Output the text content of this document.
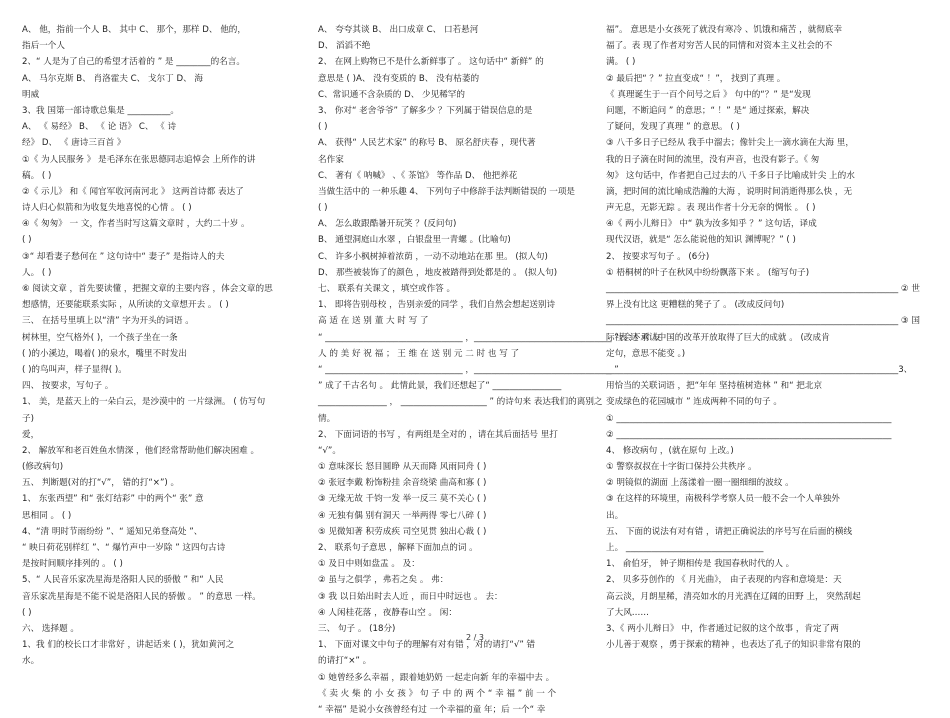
A、 他，指前一个人 B、 其中 C、 那个，那样 D、 他的，
指后一个人
2、“ 人是为了自己的希望才活着的 ” 是 ________的名言。
A、 马尔克斯 B、 肖洛霍夫 C、 戈尔丁 D、 海
明威
3、我 国第一部诗歌总集是 __________。
A、 《 易经》 B、 《 论 语》 C、 《 诗
经》 D、 《 唐诗三百首 》
①《 为人民服务 》 是毛泽东在张思德同志追悼会 上所作的讲
稿。 ( )
②《 示儿》 和《 闻官军收河南河北 》 这两首诗都 表达了
诗人归心似箭和为收复失地喜悦的心情 。 ( )
④《 匆匆》 一 文，作者当时写这篇文章时 ，大约二十岁 。
( )
③“ 却看妻子愁何在 ” 这句诗中“ 妻子” 是指诗人的夫
人。 ( )
⑥ 阅读文章 ，首先要读懂 ，把握文章的主要内容 ，体会文章的思
想感情，还要能联系实际 ，从所读的文章想开去 。 ( )
三、 在括号里填上以“清” 字为开头的词语 。
树林里，空气格外( )，一个孩子坐在一条
( )的小溪边，喝着( )的泉水，嘴里不时发出
( )的鸟叫声，样子显得( )。
四、 按要求，写句子 。
1、 美，是蓝天上的一朵白云，是沙漠中的 一片绿洲。 ( 仿写句
子)
爱，
2、 解放军和老百姓鱼水情深 ，他们经常帮助他们解决困难 。
(修改病句)
五、 判断题(对的打“√”， 错的打“×”) 。
1、 东张西望” 和“ 张灯结彩” 中的两个“ 张” 意
思相同 。 ( )
4、“清 明时节雨纷纷 ”、“ 遥知兄弟登高处 ”、
“ 映日荷花别样红 ”、“ 爆竹声中一岁除 ” 这四句古诗
是按时间顺序排列的 。 ( )
5、“ 人民音乐家冼星海是洛阳人民的骄傲 ” 和“ 人民
音乐家冼星海是不能不说是洛阳人民的骄傲 。 ” 的意思 一样。
( )
六、 选择题 。
1、我 们的校长口才非常好 ，讲起话来 ( )，犹如黄河之
水。
A、 夸夸其谈 B、 出口成章 C、 口若悬河
D、 滔滔不绝
2、 在网上购物已不是什么新鲜事了 。 这句话中“ 新鲜” 的
意思是 ( )A、 没有变质的 B、 没有枯萎的
C、常识通不含杂质的 D、 少见稀罕的
3、 你对“ 老舍爷爷” 了解多少 ？下列属于错误信息的是
( )
A、 获得“ 人民艺术家” 的称号 B、 原名舒庆春 ，现代著
名作家
C、 著有《 呐喊》 、《 茶馆》 等作品 D、 他把养花
当做生活中的 一种乐趣 4、 下列句子中修辞手法判断错误的 一项是
( )
A、 怎么敢跟酷暑开玩笑 ？(反问句)
B、 通望洞庭山水翠 ，白银盘里一青螺 。(比喻句)
C、 许多小枫树掉着浓荫 ，一动不动地站在那 里。 (拟人句)
D、 那些被装饰了的颜色 ，地皮被踏得到处都是的 。 (拟人句)
七、 联系有关课文 ，填空或作答 。
1、 即将告别母校 ，告别亲爱的同学 ，我们自然会想起送别诗
高 适 在 送 别 董 大 时 写 了
“ ________________________________ ，________________________________ ”表 达 对 友
人 的 美 好 祝 福 ； 王 维 在 送 别 元 二 时 也 写 了
“ ________________________________ ，________________________________ ”
” 成了千古名句 。 此情此景，我们还想起了“ ________________
________________ ， ____________________ ” 的诗句来 表达我们的离别之
情。
2、 下面词语的书写 ，有两组是全对的 ，请在其后面括号 里打
“√”。
① 意味深长 怒目圆睁 从天而降 风雨同舟 ( )
② 张冠李戴 粉饰粉挂 余音绕梁 曲高和寡 ( )
③ 无缘无故 千钧一发 举一反三 莫不关心 ( )
④ 无独有偶 别有洞天 一举两得 零七八碎 ( )
⑤ 见微知著 积劳成疾 司空见贯 独出心裁 ( )
2、 联系句子意思 ，解释下面加点的词 。
① 及日中则如盘盂 。 及：
② 虽与之俱学 ，弗若之矣 。 弗：
③ 我 以日始出时去人近 ，而日中时远也 。 去：
④ 人闲桂花落 ，夜静春山空 。 闲：
三、 句子 。 (18分)
1、 下面对课文中句子的理解有对有错 ，对的请打“√” 错
的请打“×” 。
① 她曾经多么幸福 ，跟着她奶奶 一起走向新 年的幸福中去 。
《 卖 火 柴 的 小 女 孩 》 句 子 中 的 两 个 “ 幸 福 ” 前 一 个
“ 幸福” 是说小女孩曾经有过 一个幸福的童 年；后 一个“ 幸
福”。 意思是小女孩死了就没有寒冷 、饥饿和痛苦 ，就彻底幸
福了。表 现了作者对穷苦人民的同情和对资本主义社会的不
满。 ( )
② 最后把“ ？” 拉直变成“ ！”， 找到了真理 。
《 真理诞生于一百个问号之后 》 句中的“？” 是“发现
问题，不断追问 ” 的意思；“ ！” 是“ 通过探索，解决
了疑问，发现了真理 ” 的意思。 ( )
③ 八千多日子已经从 我手中溜去；像针尖上一滴水滴在大海 里，
我的日子滴在时间的流里，没有声音，也没有影子。《 匆
匆》 这句话中，作者把自己过去的八 千多日子比喻成针尖 上的水
滴，把时间的流比喻成浩瀚的大海 ，说明时间消逝得那么快 ，无
声无息，无影无踪 。表 现出作者十分无奈的惆怅 。 ( )
④《 两小儿辩日》 中“ 孰为汝多知乎 ？” 这句话，译成
现代汉语，就是“ 怎么能说他的知识 渊博呢？” ( )
2、 按要求写句子 。 (6分)
① 梧桐树的叶子在秋风中纷纷飘落下来 。 (缩写句子)
____________________________________________________________________ ② 世
界上没有比这 更糟糕的凳子了 。 (改成反问句)
____________________________________________________________________ ③ 国
际社会不承认中国的改革开放取得了巨大的成就 。 (改成肯
定句，意思不能变 。)
____________________________________________________________________3、
用恰当的关联词语 ，把“年年 坚持植树造林 ” 和“ 把北京
变成绿色的花园城市 ” 连成两种不同的句子 。
① ________________________________________________________________
② ________________________________________________________________
4、 修改病句 ，(就在原句 上改。)
① 警察叔叔在十字街口保持公共秩序 。
② 明镜似的湖面 上荡漾着一圈一圈细细的波纹 。
③ 在这样的环境里，南极科学考察人员一般不会一个人单独外
出。
五、 下面的说法有对有错 ，请把正确说法的序号写在后面的横线
上。 ________________________________
1、 俞伯牙， 钟子期相传是 我国春秋时代的人 。
2、 贝多芬创作的 《 月光曲》， 由子表现的内容和意境是：天
高云淡，月朗星稀，清亮如水的月光洒在辽阔的田野 上， 突然刮起
了大风……
3、《 两小儿辩日》 中，作者通过记叙的这个故事 ，肯定了两
小儿善于观察 ，勇于探索的精神 ，也表达了孔子的知识非常有限的
2 / 3
